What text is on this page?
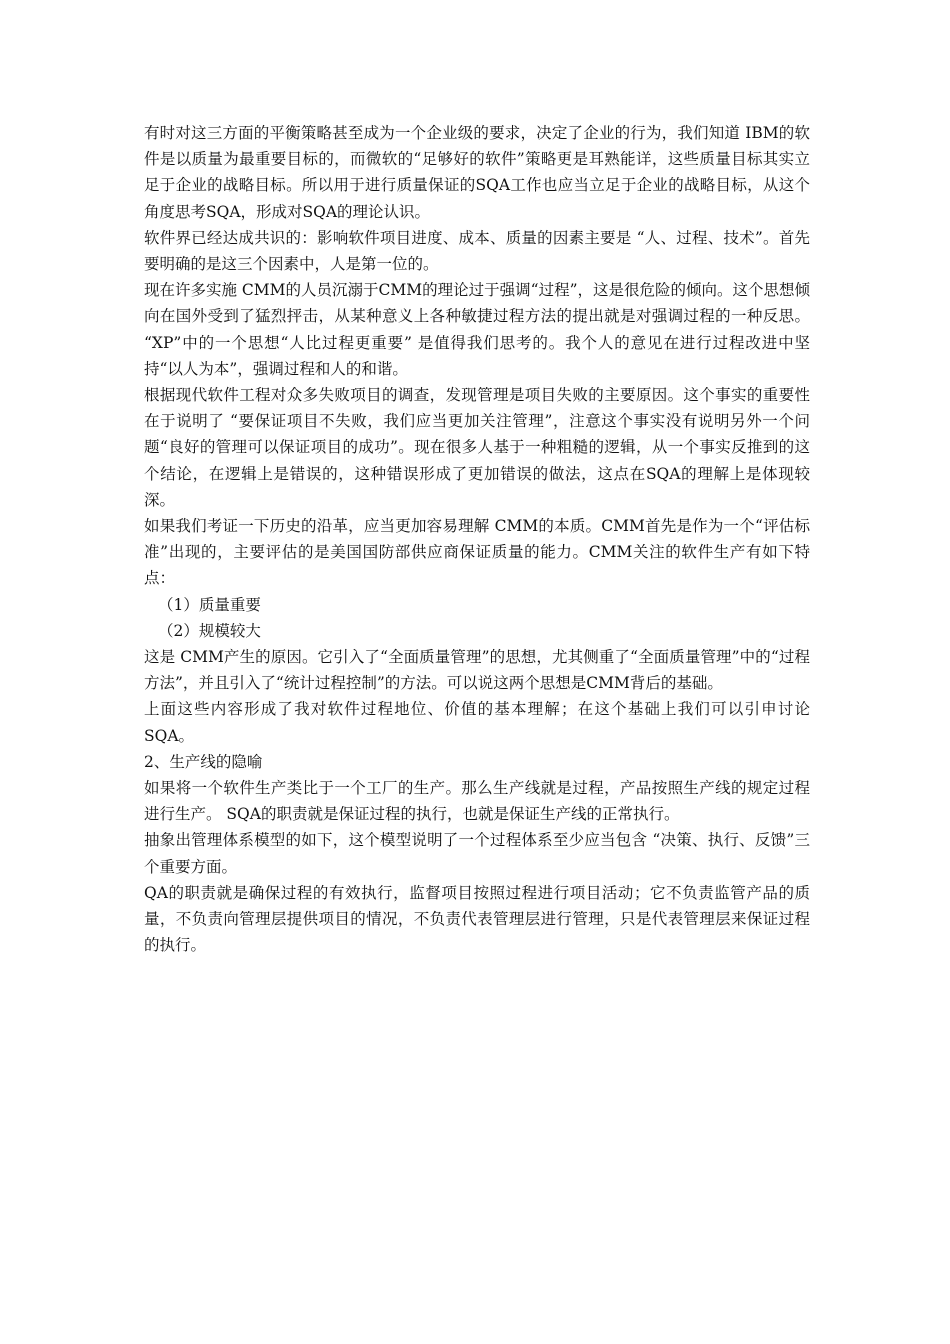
有时对这三方面的平衡策略甚至成为一个企业级的要求，决定了企业的行为，我们知道 IBM的软件是以质量为最重要目标的，而微软的“足够好的软件”策略更是耳熟能详，这些质量目标其实立足于企业的战略目标。所以用于进行质量保证的SQA工作也应当立足于企业的战略目标，从这个角度思考SQA，形成对SQA的理论认识。

软件界已经达成共识的：影响软件项目进度、成本、质量的因素主要是 “人、过程、技术”。首先要明确的是这三个因素中，人是第一位的。

现在许多实施 CMM的人员沉溺于CMM的理论过于强调“过程”，这是很危险的倾向。这个思想倾向在国外受到了猛烈抨击，从某种意义上各种敏捷过程方法的提出就是对强调过程的一种反思。 “XP”中的一个思想“人比过程更重要” 是值得我们思考的。我个人的意见在进行过程改进中坚持“以人为本”，强调过程和人的和谐。

根据现代软件工程对众多失败项目的调查，发现管理是项目失败的主要原因。这个事实的重要性在于说明了 “要保证项目不失败，我们应当更加关注管理”，注意这个事实没有说明另外一个问题“良好的管理可以保证项目的成功”。现在很多人基于一种粗糙的逻辑，从一个事实反推到的这个结论，在逻辑上是错误的，这种错误形成了更加错误的做法，这点在SQA的理解上是体现较深。

如果我们考证一下历史的沿革，应当更加容易理解 CMM的本质。CMM首先是作为一个“评估标准”出现的，主要评估的是美国国防部供应商保证质量的能力。CMM关注的软件生产有如下特点：

（1）质量重要

（2）规模较大

这是 CMM产生的原因。它引入了“全面质量管理”的思想，尤其侧重了“全面质量管理”中的“过程方法”，并且引入了“统计过程控制”的方法。可以说这两个思想是CMM背后的基础。

上面这些内容形成了我对软件过程地位、价值的基本理解；在这个基础上我们可以引申讨论 SQA。

2、生产线的隐喻

如果将一个软件生产类比于一个工厂的生产。那么生产线就是过程，产品按照生产线的规定过程进行生产。 SQA的职责就是保证过程的执行，也就是保证生产线的正常执行。

抽象出管理体系模型的如下，这个模型说明了一个过程体系至少应当包含 “决策、执行、反馈”三个重要方面。

QA的职责就是确保过程的有效执行，监督项目按照过程进行项目活动；它不负责监管产品的质量，不负责向管理层提供项目的情况，不负责代表管理层进行管理，只是代表管理层来保证过程的执行。
